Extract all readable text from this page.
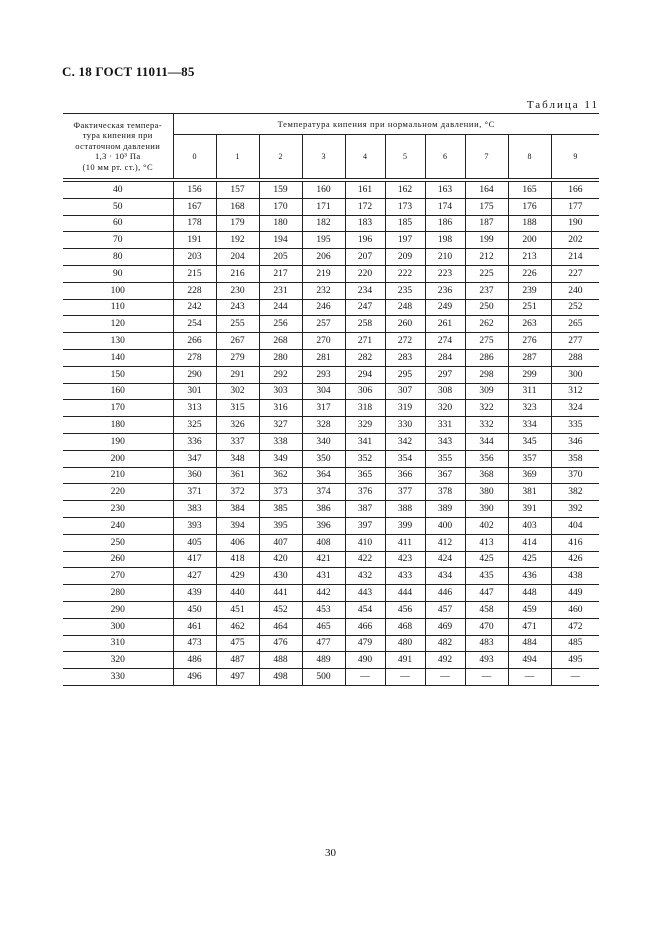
С. 18 ГОСТ 11011—85
Таблица 11
Фактическая темпера-
тура кипения при
остаточном давлении
1,3 · 10³ Па
(10 мм рт. ст.), °C	Температура кипения при нормальном давлении, °C									
	0	1	2	3	4	5	6	7	8	9

40	156	157	159	160	161	162	163	164	165	166
50	167	168	170	171	172	173	174	175	176	177
60	178	179	180	182	183	185	186	187	188	190
70	191	192	194	195	196	197	198	199	200	202
80	203	204	205	206	207	209	210	212	213	214
90	215	216	217	219	220	222	223	225	226	227
100	228	230	231	232	234	235	236	237	239	240
110	242	243	244	246	247	248	249	250	251	252
120	254	255	256	257	258	260	261	262	263	265
130	266	267	268	270	271	272	274	275	276	277
140	278	279	280	281	282	283	284	286	287	288
150	290	291	292	293	294	295	297	298	299	300
160	301	302	303	304	306	307	308	309	311	312
170	313	315	316	317	318	319	320	322	323	324
180	325	326	327	328	329	330	331	332	334	335
190	336	337	338	340	341	342	343	344	345	346
200	347	348	349	350	352	354	355	356	357	358
210	360	361	362	364	365	366	367	368	369	370
220	371	372	373	374	376	377	378	380	381	382
230	383	384	385	386	387	388	389	390	391	392
240	393	394	395	396	397	399	400	402	403	404
250	405	406	407	408	410	411	412	413	414	416
260	417	418	420	421	422	423	424	425	425	426
270	427	429	430	431	432	433	434	435	436	438
280	439	440	441	442	443	444	446	447	448	449
290	450	451	452	453	454	456	457	458	459	460
300	461	462	464	465	466	468	469	470	471	472
310	473	475	476	477	479	480	482	483	484	485
320	486	487	488	489	490	491	492	493	494	495
330	496	497	498	500	—	—	—	—	—	—
30
